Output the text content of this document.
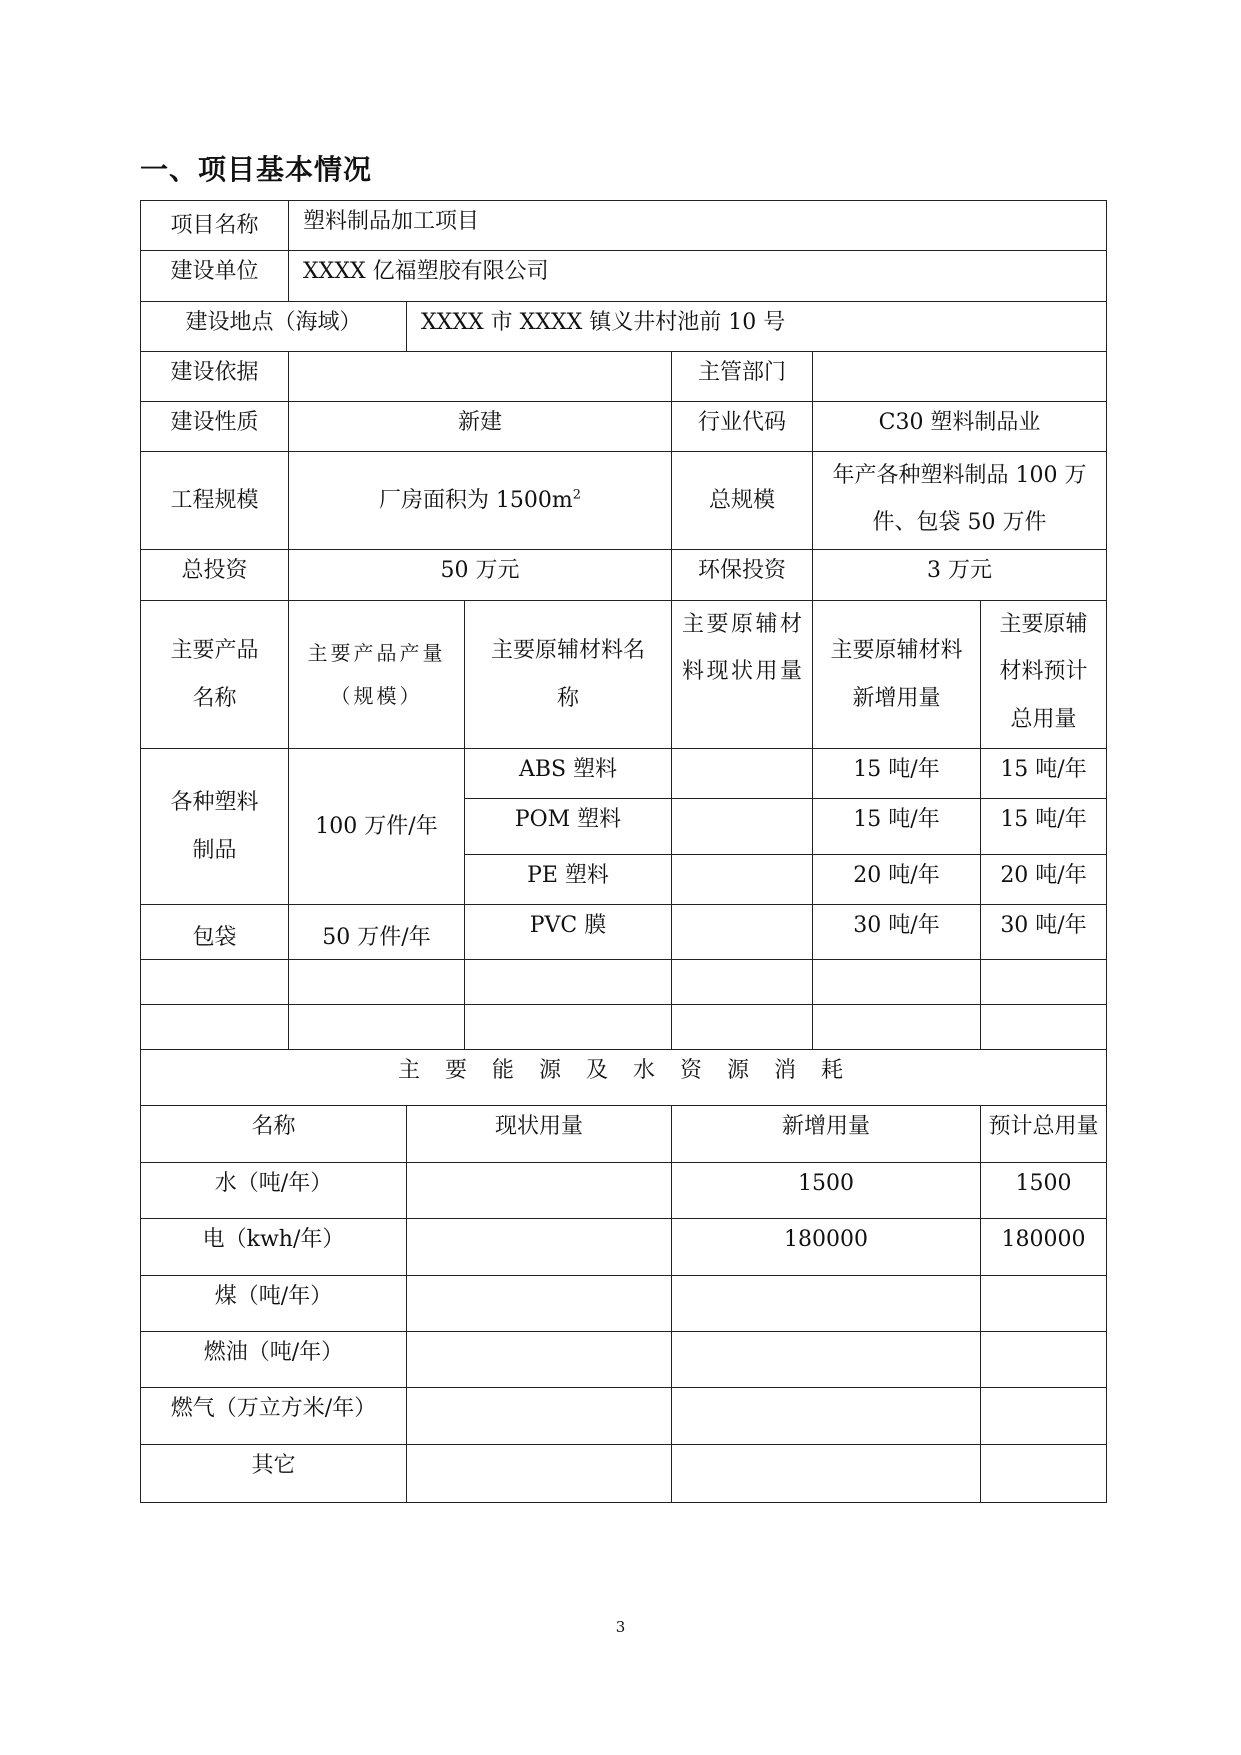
一、项目基本情况
项目名称	塑料制品加工项目					
建设单位	XXXX 亿福塑胶有限公司					
建设地点（海域）		XXXX 市 XXXX 镇义井村池前 10 号				
建设依据				主管部门		
建设性质	新建			行业代码	C30 塑料制品业	
工程规模	厂房面积为 $1500m^2$			总规模	年产各种塑料制品 100 万件、包袋 50 万件	
总投资	50 万元			环保投资	3 万元	
主要产品名称	主要产品产量（规模）		主要原辅材料名称	主要原辅材料现状用量	主要原辅材料新增用量	主要原辅材料预计总用量
各种塑料制品	100 万件/年		ABS 塑料		15 吨/年	15 吨/年
			POM 塑料		15 吨/年	15 吨/年
			PE 塑料		20 吨/年	20 吨/年
包袋	50 万件/年		PVC 膜		30 吨/年	30 吨/年

主要能源及水资源消耗						
名称		现状用量		新增用量		预计总用量
水（吨/年）				1500		1500
电（kwh/年）				180000		180000
煤（吨/年）						
燃油（吨/年）						
燃气（万立方米/年）						
其它						
3
